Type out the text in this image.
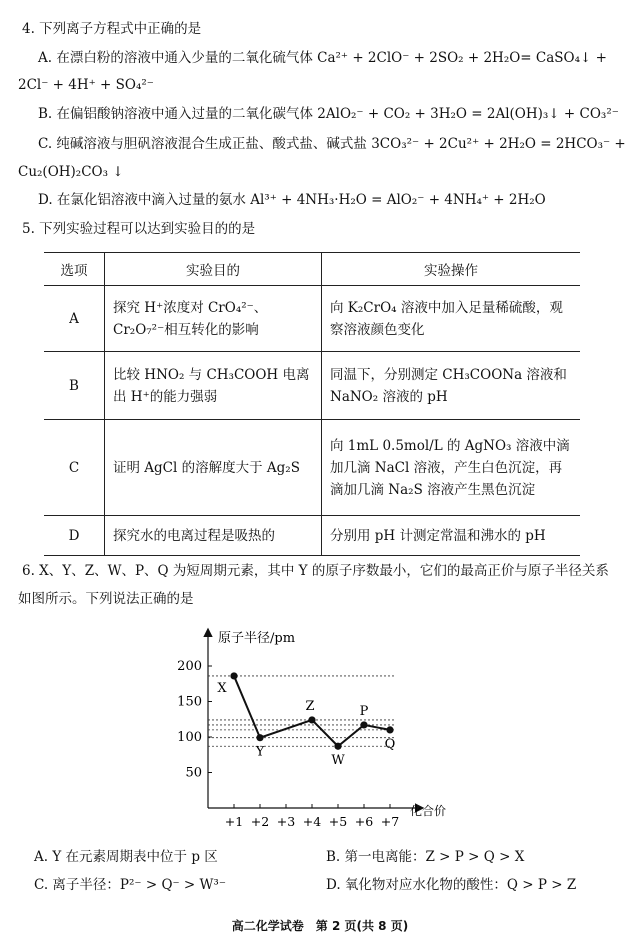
4. 下列离子方程式中正确的是
A. 在漂白粉的溶液中通入少量的二氧化硫气体 Ca²⁺ + 2ClO⁻ + 2SO₂ + 2H₂O= CaSO₄↓ +
2Cl⁻ + 4H⁺ + SO₄²⁻
B. 在偏铝酸钠溶液中通入过量的二氧化碳气体 2AlO₂⁻ + CO₂ + 3H₂O = 2Al(OH)₃↓ + CO₃²⁻
C. 纯碱溶液与胆矾溶液混合生成正盐、酸式盐、碱式盐 3CO₃²⁻ + 2Cu²⁺ + 2H₂O = 2HCO₃⁻ +
Cu₂(OH)₂CO₃ ↓
D. 在氯化铝溶液中滴入过量的氨水 Al³⁺ + 4NH₃·H₂O = AlO₂⁻ + 4NH₄⁺ + 2H₂O
5. 下列实验过程可以达到实验目的的是
选项	实验目的	实验操作
A	探究 H⁺浓度对 CrO₄²⁻、Cr₂O₇²⁻相互转化的影响	向 K₂CrO₄ 溶液中加入足量稀硫酸，观察溶液颜色变化
B	比较 HNO₂ 与 CH₃COOH 电离出 H⁺的能力强弱	同温下，分别测定 CH₃COONa 溶液和 NaNO₂ 溶液的 pH
C	证明 AgCl 的溶解度大于 Ag₂S	向 1mL 0.5mol/L 的 AgNO₃ 溶液中滴加几滴 NaCl 溶液，产生白色沉淀，再滴加几滴 Na₂S 溶液产生黑色沉淀
D	探究水的电离过程是吸热的	分别用 pH 计测定常温和沸水的 pH
6. X、Y、Z、W、P、Q 为短周期元素，其中 Y 的原子序数最小，它们的最高正价与原子半径关系
如图所示。下列说法正确的是
50
100
150
200
+1 +2 +3 +4 +5 +6 +7
X
Y
Z
W
P
Q
原子半径/pm
化合价
A. Y 在元素周期表中位于 p 区	B. 第一电离能：Z > P > Q > X
C. 离子半径：P²⁻ > Q⁻ > W³⁻	D. 氧化物对应水化物的酸性：Q > P > Z
高二化学试卷　第 2 页(共 8 页)
